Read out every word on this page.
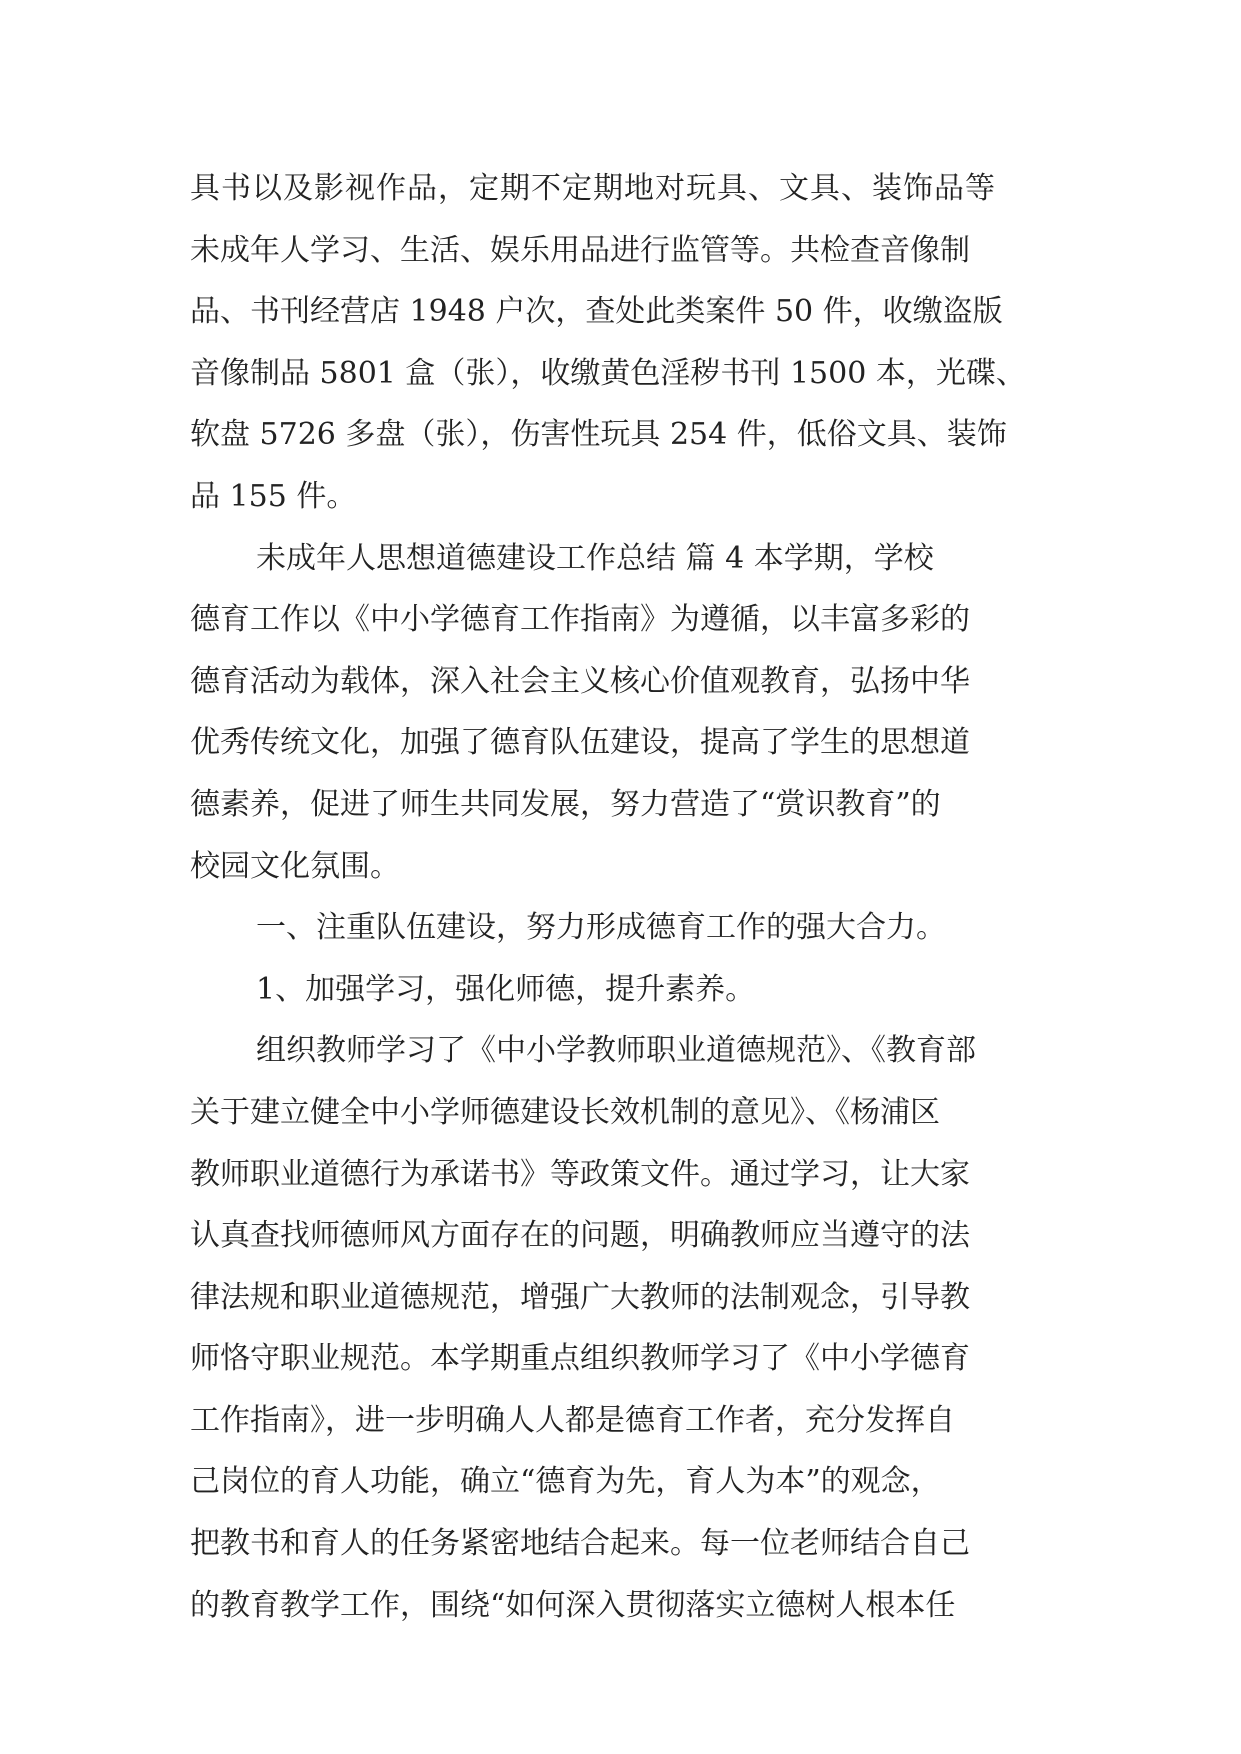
具书以及影视作品，定期不定期地对玩具、文具、装饰品等
未成年人学习、生活、娱乐用品进行监管等。共检查音像制
品、书刊经营店 1948 户次，查处此类案件 50 件，收缴盗版
音像制品 5801 盒（张），收缴黄色淫秽书刊 1500 本，光碟、
软盘 5726 多盘（张），伤害性玩具 254 件，低俗文具、装饰
品 155 件。
未成年人思想道德建设工作总结 篇 4 本学期，学校
德育工作以《中小学德育工作指南》为遵循，以丰富多彩的
德育活动为载体，深入社会主义核心价值观教育，弘扬中华
优秀传统文化，加强了德育队伍建设，提高了学生的思想道
德素养，促进了师生共同发展，努力营造了“赏识教育”的
校园文化氛围。
一、注重队伍建设，努力形成德育工作的强大合力。
1、加强学习，强化师德，提升素养。
组织教师学习了《中小学教师职业道德规范》、《教育部
关于建立健全中小学师德建设长效机制的意见》、《杨浦区
教师职业道德行为承诺书》等政策文件。通过学习，让大家
认真查找师德师风方面存在的问题，明确教师应当遵守的法
律法规和职业道德规范，增强广大教师的法制观念，引导教
师恪守职业规范。本学期重点组织教师学习了《中小学德育
工作指南》，进一步明确人人都是德育工作者，充分发挥自
己岗位的育人功能，确立“德育为先，育人为本”的观念，
把教书和育人的任务紧密地结合起来。每一位老师结合自己
的教育教学工作，围绕“如何深入贯彻落实立德树人根本任
